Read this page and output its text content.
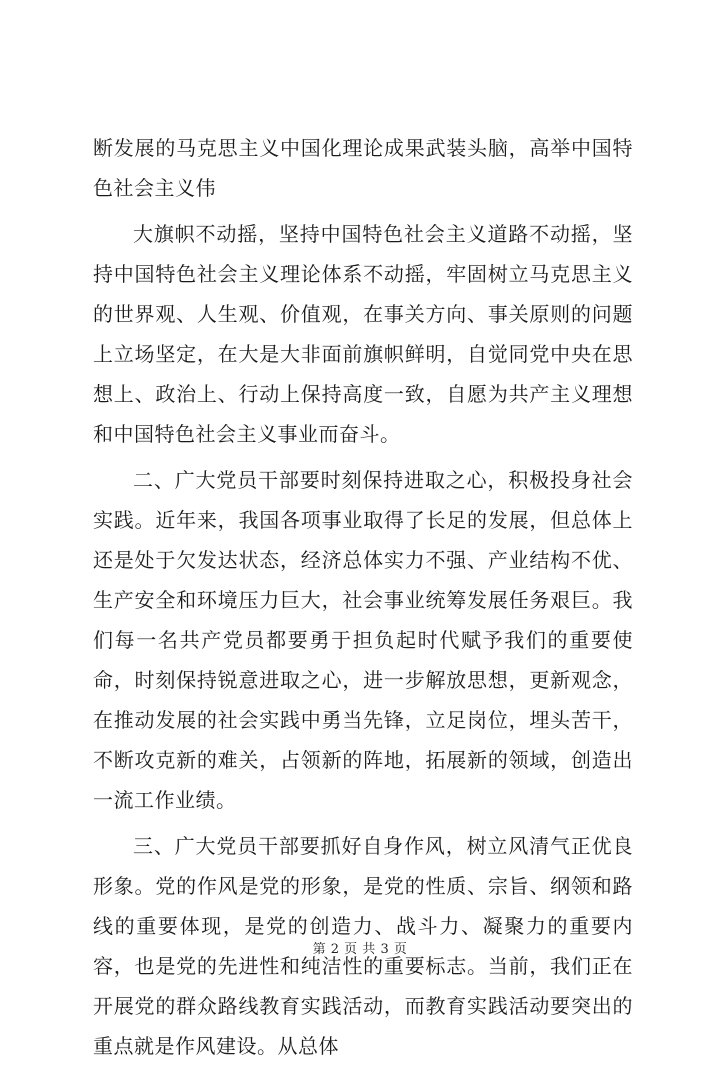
断发展的马克思主义中国化理论成果武装头脑，高举中国特色社会主义伟

大旗帜不动摇，坚持中国特色社会主义道路不动摇，坚持中国特色社会主义理论体系不动摇，牢固树立马克思主义的世界观、人生观、价值观，在事关方向、事关原则的问题上立场坚定，在大是大非面前旗帜鲜明，自觉同党中央在思想上、政治上、行动上保持高度一致，自愿为共产主义理想和中国特色社会主义事业而奋斗。

二、广大党员干部要时刻保持进取之心，积极投身社会实践。近年来，我国各项事业取得了长足的发展，但总体上还是处于欠发达状态，经济总体实力不强、产业结构不优、生产安全和环境压力巨大，社会事业统筹发展任务艰巨。我们每一名共产党员都要勇于担负起时代赋予我们的重要使命，时刻保持锐意进取之心，进一步解放思想，更新观念，在推动发展的社会实践中勇当先锋，立足岗位，埋头苦干，不断攻克新的难关，占领新的阵地，拓展新的领域，创造出一流工作业绩。

三、广大党员干部要抓好自身作风，树立风清气正优良形象。党的作风是党的形象，是党的性质、宗旨、纲领和路线的重要体现，是党的创造力、战斗力、凝聚力的重要内容，也是党的先进性和纯洁性的重要标志。当前，我们正在开展党的群众路线教育实践活动，而教育实践活动要突出的重点就是作风建设。从总体

第 2 页 共 3 页
